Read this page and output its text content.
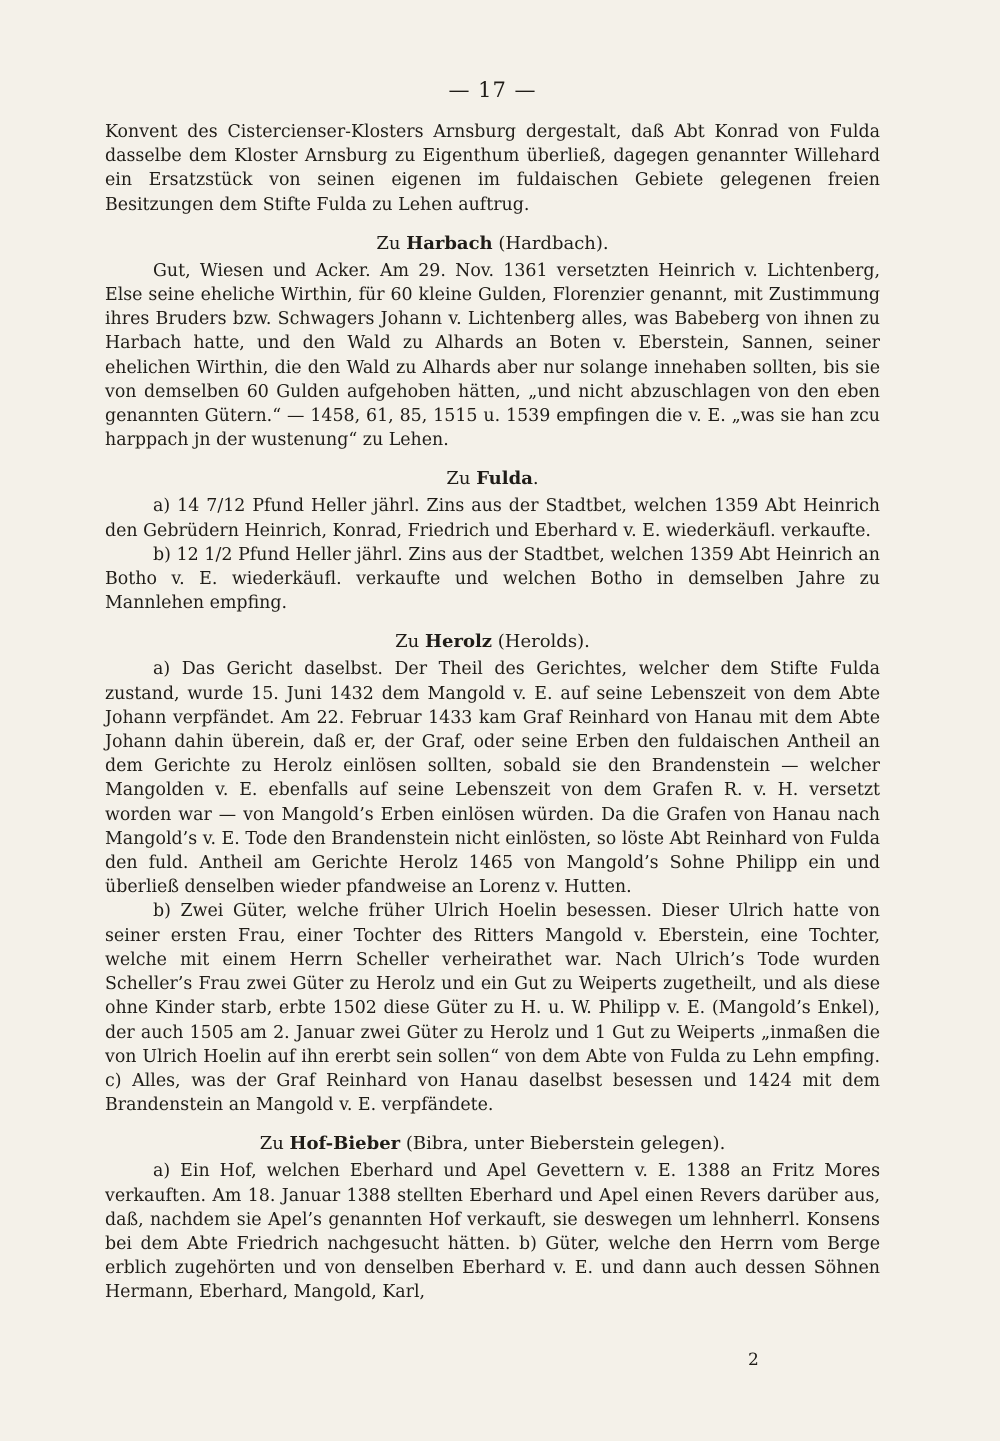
— 17 —

Konvent des Cistercienser-Klosters Arnsburg dergestalt, daß Abt Konrad von Fulda dasselbe dem Kloster Arnsburg zu Eigenthum überließ, dagegen genannter Willehard ein Ersatzstück von seinen eigenen im fuldaischen Gebiete gelegenen freien Besitzungen dem Stifte Fulda zu Lehen auftrug.

Zu Harbach (Hardbach).

Gut, Wiesen und Acker. Am 29. Nov. 1361 versetzten Heinrich v. Lichtenberg, Else seine eheliche Wirthin, für 60 kleine Gulden, Florenzier genannt, mit Zustimmung ihres Bruders bzw. Schwagers Johann v. Lichtenberg alles, was Babeberg von ihnen zu Harbach hatte, und den Wald zu Alhards an Boten v. Eberstein, Sannen, seiner ehelichen Wirthin, die den Wald zu Alhards aber nur solange innehaben sollten, bis sie von demselben 60 Gulden aufgehoben hätten, „und nicht abzuschlagen von den eben genannten Gütern.“ — 1458, 61, 85, 1515 u. 1539 empfingen die v. E. „was sie han zcu harppach jn der wustenung“ zu Lehen.

Zu Fulda.

a) 14 7/12 Pfund Heller jährl. Zins aus der Stadtbet, welchen 1359 Abt Heinrich den Gebrüdern Heinrich, Konrad, Friedrich und Eberhard v. E. wiederkäufl. verkaufte.

b) 12 1/2 Pfund Heller jährl. Zins aus der Stadtbet, welchen 1359 Abt Heinrich an Botho v. E. wiederkäufl. verkaufte und welchen Botho in demselben Jahre zu Mannlehen empfing.

Zu Herolz (Herolds).

a) Das Gericht daselbst. Der Theil des Gerichtes, welcher dem Stifte Fulda zustand, wurde 15. Juni 1432 dem Mangold v. E. auf seine Lebenszeit von dem Abte Johann verpfändet. Am 22. Februar 1433 kam Graf Reinhard von Hanau mit dem Abte Johann dahin überein, daß er, der Graf, oder seine Erben den fuldaischen Antheil an dem Gerichte zu Herolz einlösen sollten, sobald sie den Brandenstein — welcher Mangolden v. E. ebenfalls auf seine Lebenszeit von dem Grafen R. v. H. versetzt worden war — von Mangold’s Erben einlösen würden. Da die Grafen von Hanau nach Mangold’s v. E. Tode den Brandenstein nicht einlösten, so löste Abt Reinhard von Fulda den fuld. Antheil am Gerichte Herolz 1465 von Mangold’s Sohne Philipp ein und überließ denselben wieder pfandweise an Lorenz v. Hutten.

b) Zwei Güter, welche früher Ulrich Hoelin besessen. Dieser Ulrich hatte von seiner ersten Frau, einer Tochter des Ritters Mangold v. Eberstein, eine Tochter, welche mit einem Herrn Scheller verheirathet war. Nach Ulrich’s Tode wurden Scheller’s Frau zwei Güter zu Herolz und ein Gut zu Weiperts zugetheilt, und als diese ohne Kinder starb, erbte 1502 diese Güter zu H. u. W. Philipp v. E. (Mangold’s Enkel), der auch 1505 am 2. Januar zwei Güter zu Herolz und 1 Gut zu Weiperts „inmaßen die von Ulrich Hoelin auf ihn ererbt sein sollen“ von dem Abte von Fulda zu Lehn empfing. c) Alles, was der Graf Reinhard von Hanau daselbst besessen und 1424 mit dem Brandenstein an Mangold v. E. verpfändete.

Zu Hof-Bieber (Bibra, unter Bieberstein gelegen).

a) Ein Hof, welchen Eberhard und Apel Gevettern v. E. 1388 an Fritz Mores verkauften. Am 18. Januar 1388 stellten Eberhard und Apel einen Revers darüber aus, daß, nachdem sie Apel’s genannten Hof verkauft, sie deswegen um lehnherrl. Konsens bei dem Abte Friedrich nachgesucht hätten. b) Güter, welche den Herrn vom Berge erblich zugehörten und von denselben Eberhard v. E. und dann auch dessen Söhnen Hermann, Eberhard, Mangold, Karl,

2
